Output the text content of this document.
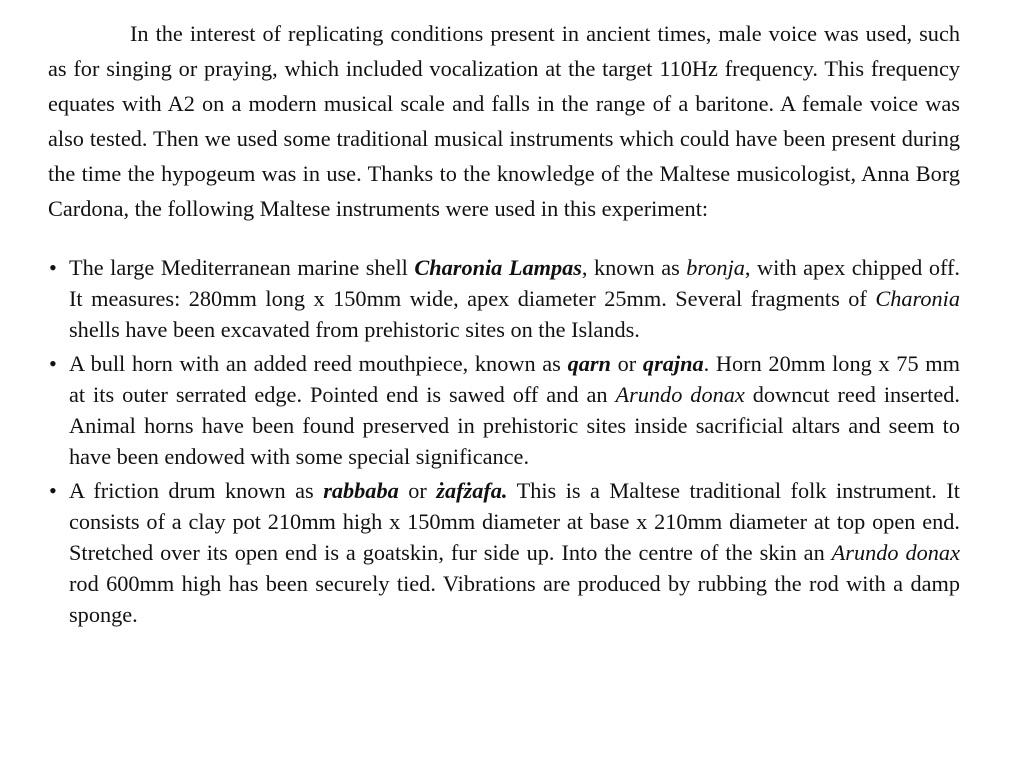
In the interest of replicating conditions present in ancient times, male voice was used, such as for singing or praying, which included vocalization at the target 110Hz frequency. This frequency equates with A2 on a modern musical scale and falls in the range of a baritone. A female voice was also tested. Then we used some traditional musical instruments which could have been present during the time the hypogeum was in use. Thanks to the knowledge of the Maltese musicologist, Anna Borg Cardona, the following Maltese instruments were used in this experiment:

• The large Mediterranean marine shell Charonia Lampas, known as bronja, with apex chipped off. It measures: 280mm long x 150mm wide, apex diameter 25mm. Several fragments of Charonia shells have been excavated from prehistoric sites on the Islands.
• A bull horn with an added reed mouthpiece, known as qarn or qrajna. Horn 20mm long x 75 mm at its outer serrated edge. Pointed end is sawed off and an Arundo donax downcut reed inserted. Animal horns have been found preserved in prehistoric sites inside sacrificial altars and seem to have been endowed with some special significance.
• A friction drum known as rabbaba or żafżafa. This is a Maltese traditional folk instrument. It consists of a clay pot 210mm high x 150mm diameter at base x 210mm diameter at top open end. Stretched over its open end is a goatskin, fur side up. Into the centre of the skin an Arundo donax rod 600mm high has been securely tied. Vibrations are produced by rubbing the rod with a damp sponge.
